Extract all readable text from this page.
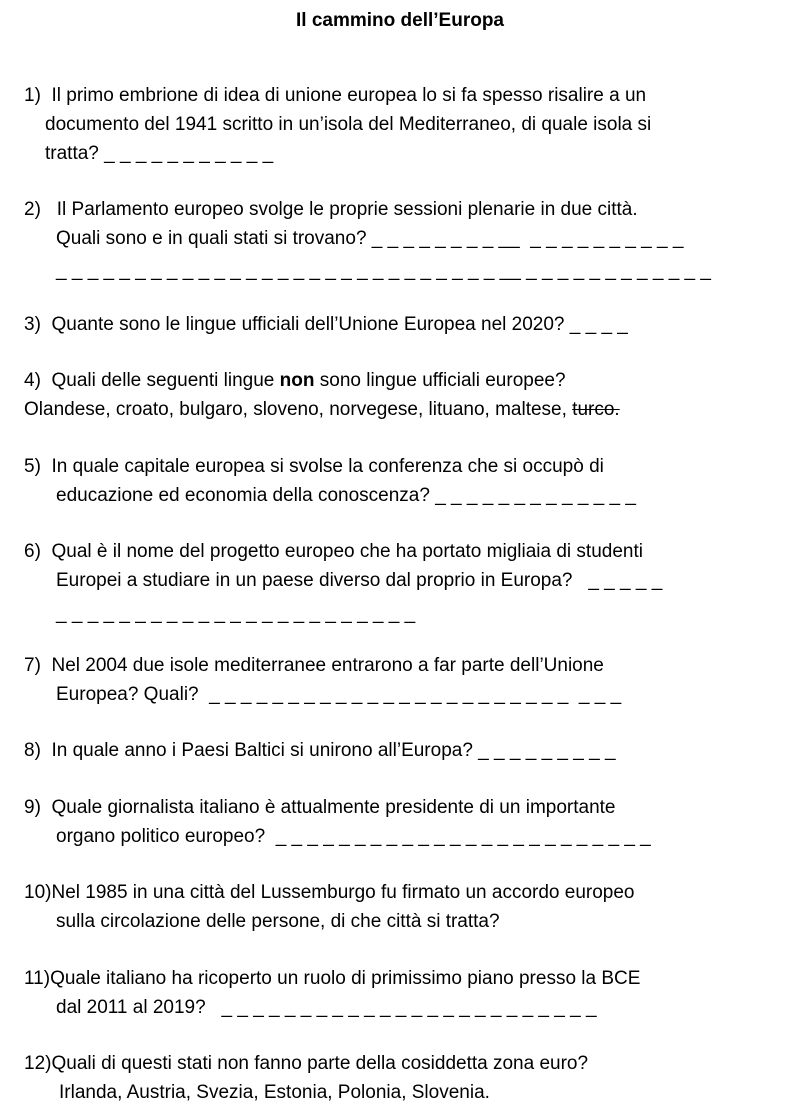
Il cammino dell’Europa
1) Il primo embrione di idea di unione europea lo si fa spesso risalire a un
documento del 1941 scritto in un’isola del Mediterraneo, di quale isola si
tratta? _ _ _ _ _ _ _ _ _ _ _
2) Il Parlamento europeo svolge le proprie sessioni plenarie in due città.
Quali sono e in quali stati si trovano? _ _ _ _ _ _ _ _ __  _ _ _ _ _ _ _ _ _ _
_ _ _ _ _ _ _ _ _ _ _ _ _ _ _ _ _ _ _ _ _ _ _ _ _ _ _ _ __ _ _ _ _ _ _ _ _ _ _ _ _
3) Quante sono le lingue ufficiali dell’Unione Europea nel 2020? _ _ _ _
4) Quali delle seguenti lingue non sono lingue ufficiali europee?
Olandese, croato, bulgaro, sloveno, norvegese, lituano, maltese, turco.
5) In quale capitale europea si svolse la conferenza che si occupò di
educazione ed economia della conoscenza? _ _ _ _ _ _ _ _ _ _ _ _ _
6) Qual è il nome del progetto europeo che ha portato migliaia di studenti
Europei a studiare in un paese diverso dal proprio in Europa?   _ _ _ _ _
_ _ _ _ _ _ _ _ _ _ _ _ _ _ _ _ _ _ _ _ _ _ _
7) Nel 2004 due isole mediterranee entrarono a far parte dell’Unione
Europea? Quali?  _ _ _ _ _ _ _ _ _ _ _ _ _ _ _ _ _ _ _ _ _ _ _  _ _ _
8) In quale anno i Paesi Baltici si unirono all’Europa? _ _ _ _ _ _ _ _ _
9) Quale giornalista italiano è attualmente presidente di un importante
organo politico europeo?  _ _ _ _ _ _ _ _ _ _ _ _ _ _ _ _ _ _ _ _ _ _ _ _
10)Nel 1985 in una città del Lussemburgo fu firmato un accordo europeo
sulla circolazione delle persone, di che città si tratta?
11)Quale italiano ha ricoperto un ruolo di primissimo piano presso la BCE
dal 2011 al 2019?   _ _ _ _ _ _ _ _ _ _ _ _ _ _ _ _ _ _ _ _ _ _ _ _
12)Quali di questi stati non fanno parte della cosiddetta zona euro?
Irlanda, Austria, Svezia, Estonia, Polonia, Slovenia.
